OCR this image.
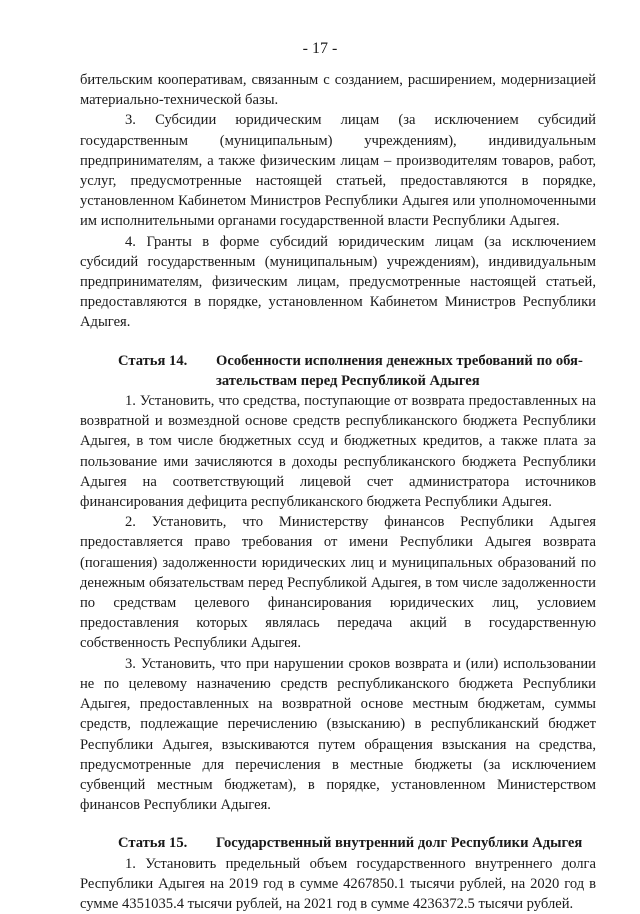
- 17 -

бительским кооперативам, связанным с созданием, расширением, модернизацией материально-технической базы.

3. Субсидии юридическим лицам (за исключением субсидий государственным (муниципальным) учреждениям), индивидуальным предпринимателям, а также физическим лицам – производителям товаров, работ, услуг, предусмотренные настоящей статьей, предоставляются в порядке, установленном Кабинетом Министров Республики Адыгея или уполномоченными им исполнительными органами государственной власти Республики Адыгея.

4. Гранты в форме субсидий юридическим лицам (за исключением субсидий государственным (муниципальным) учреждениям), индивидуальным предпринимателям, физическим лицам, предусмотренные настоящей статьей, предоставляются в порядке, установленном Кабинетом Министров Республики Адыгея.

Статья 14. Особенности исполнения денежных требований по обя-
зательствам перед Республикой Адыгея

1. Установить, что средства, поступающие от возврата предоставленных на возвратной и возмездной основе средств республиканского бюджета Республики Адыгея, в том числе бюджетных ссуд и бюджетных кредитов, а также плата за пользование ими зачисляются в доходы республиканского бюджета Республики Адыгея на соответствующий лицевой счет администратора источников финансирования дефицита республиканского бюджета Республики Адыгея.

2. Установить, что Министерству финансов Республики Адыгея предоставляется право требования от имени Республики Адыгея возврата (погашения) задолженности юридических лиц и муниципальных образований по денежным обязательствам перед Республикой Адыгея, в том числе задолженности по средствам целевого финансирования юридических лиц, условием предоставления которых являлась передача акций в государственную собственность Республики Адыгея.

3. Установить, что при нарушении сроков возврата и (или) использовании не по целевому назначению средств республиканского бюджета Республики Адыгея, предоставленных на возвратной основе местным бюджетам, суммы средств, подлежащие перечислению (взысканию) в республиканский бюджет Республики Адыгея, взыскиваются путем обращения взыскания на средства, предусмотренные для перечисления в местные бюджеты (за исключением субвенций местным бюджетам), в порядке, установленном Министерством финансов Республики Адыгея.

Статья 15. Государственный внутренний долг Республики Адыгея

1. Установить предельный объем государственного внутреннего долга Республики Адыгея на 2019 год в сумме 4267850.1 тысячи рублей, на 2020 год в сумме 4351035.4 тысячи рублей, на 2021 год в сумме 4236372.5 тысячи рублей.
